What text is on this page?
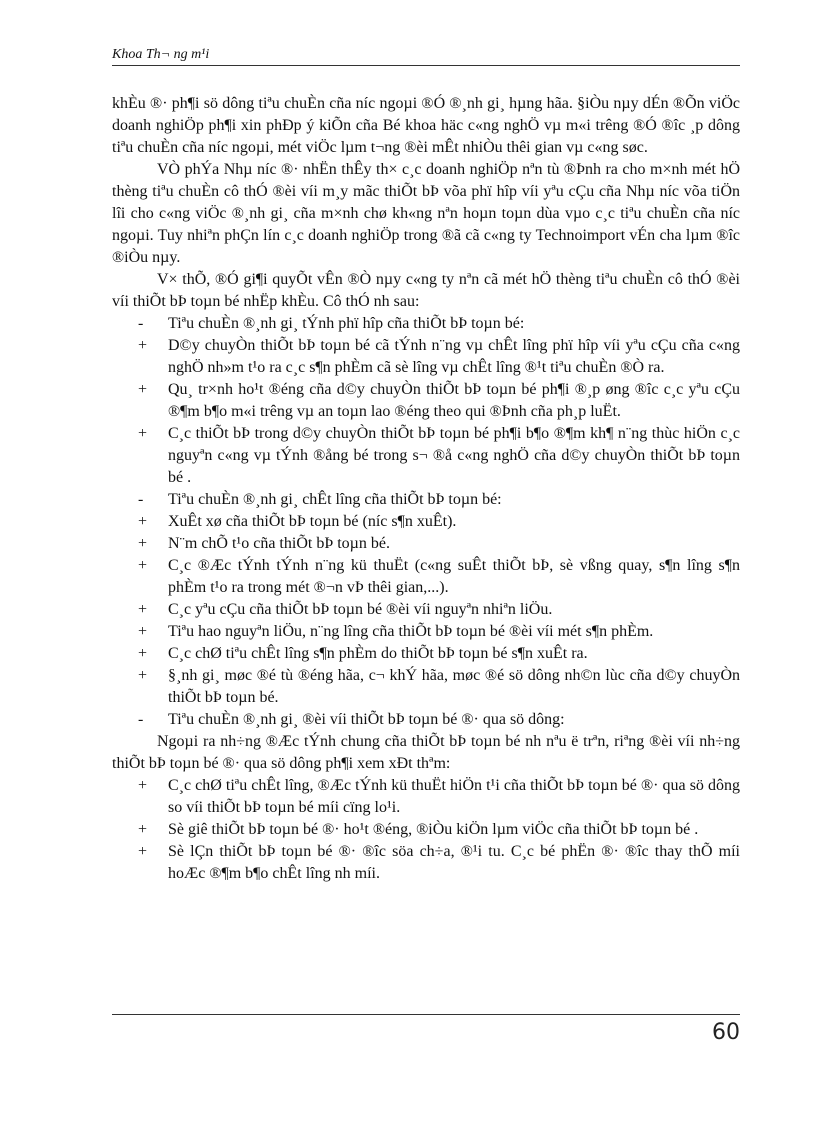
Khoa Th¬ ng m¹i

khÈu ®· ph¶i sö dông tiªu chuÈn cña níc ngoµi ®Ó ®¸nh gi¸ hµng hãa. §iÒu nµy dÉn ®Õn viÖc doanh nghiÖp ph¶i xin phÐp ý kiÕn cña Bé khoa häc c«ng nghÖ vµ m«i trêng ®Ó ®îc ¸p dông tiªu chuÈn cña níc ngoµi, mét viÖc lµm t¬ng ®èi mÊt nhiÒu thêi gian vµ c«ng søc.

VÒ phÝa Nhµ níc ®· nhËn thÊy th× c¸c doanh nghiÖp nªn tù ®Þnh ra cho m×nh mét hÖ thèng tiªu chuÈn cô thÓ ®èi víi m¸y mãc thiÕt bÞ võa phï hîp víi yªu cÇu cña Nhµ níc võa tiÖn lîi cho c«ng viÖc ®¸nh gi¸ cña m×nh chø kh«ng nªn hoµn toµn dùa vµo c¸c tiªu chuÈn cña níc ngoµi. Tuy nhiªn phÇn lín c¸c doanh nghiÖp trong ®ã cã c«ng ty Technoimport vÉn cha lµm ®îc ®iÒu nµy.

V× thÕ, ®Ó gi¶i quyÕt vÊn ®Ò nµy c«ng ty nªn cã mét hÖ thèng tiªu chuÈn cô thÓ ®èi víi thiÕt bÞ toµn bé nhËp khÈu. Cô thÓ nh sau:

-	Tiªu chuÈn ®¸nh gi¸ tÝnh phï hîp cña thiÕt bÞ toµn bé:
+	D©y chuyÒn thiÕt bÞ toµn bé cã tÝnh n¨ng vµ chÊt lîng phï hîp víi yªu cÇu cña c«ng nghÖ nh»m t¹o ra c¸c s¶n phÈm cã sè lîng vµ chÊt lîng ®¹t tiªu chuÈn ®Ò ra.
+	Qu¸ tr×nh ho¹t ®éng cña d©y chuyÒn thiÕt bÞ toµn bé ph¶i ®¸p øng ®îc c¸c yªu cÇu ®¶m b¶o m«i trêng vµ an toµn lao ®éng theo qui ®Þnh cña ph¸p luËt.
+	C¸c thiÕt bÞ trong d©y chuyÒn thiÕt bÞ toµn bé ph¶i b¶o ®¶m kh¶ n¨ng thùc hiÖn c¸c nguyªn c«ng vµ tÝnh ®ång bé trong s¬ ®å c«ng nghÖ cña d©y chuyÒn thiÕt bÞ toµn bé .
-	Tiªu chuÈn ®¸nh gi¸ chÊt lîng cña thiÕt bÞ toµn bé:
+	XuÊt xø cña thiÕt bÞ toµn bé (níc s¶n xuÊt).
+	N¨m chÕ t¹o cña thiÕt bÞ toµn bé.
+	C¸c ®Æc tÝnh tÝnh n¨ng kü thuËt (c«ng suÊt thiÕt bÞ, sè vßng quay, s¶n lîng s¶n phÈm t¹o ra trong mét ®¬n vÞ thêi gian,...).
+	C¸c yªu cÇu cña thiÕt bÞ toµn bé ®èi víi nguyªn nhiªn liÖu.
+	Tiªu hao nguyªn liÖu, n¨ng lîng cña thiÕt bÞ toµn bé ®èi víi mét s¶n phÈm.
+	C¸c chØ tiªu chÊt lîng s¶n phÈm do thiÕt bÞ toµn bé s¶n xuÊt ra.
+	§¸nh gi¸ møc ®é tù ®éng hãa, c¬ khÝ hãa, møc ®é sö dông nh©n lùc cña d©y chuyÒn thiÕt bÞ toµn bé.
-	Tiªu chuÈn ®¸nh gi¸ ®èi víi thiÕt bÞ toµn bé ®· qua sö dông:

Ngoµi ra nh÷ng ®Æc tÝnh chung cña thiÕt bÞ toµn bé nh nªu ë trªn, riªng ®èi víi nh÷ng thiÕt bÞ toµn bé ®· qua sö dông ph¶i xem xÐt thªm:

+	C¸c chØ tiªu chÊt lîng, ®Æc tÝnh kü thuËt hiÖn t¹i cña thiÕt bÞ toµn bé ®· qua sö dông so víi thiÕt bÞ toµn bé míi cïng lo¹i.
+	Sè giê thiÕt bÞ toµn bé ®· ho¹t ®éng, ®iÒu kiÖn lµm viÖc cña thiÕt bÞ toµn bé .
+	Sè lÇn thiÕt bÞ toµn bé ®· ®îc söa ch÷a, ®¹i tu. C¸c bé phËn ®· ®îc thay thÕ míi hoÆc ®¶m b¶o chÊt lîng nh míi.
60
